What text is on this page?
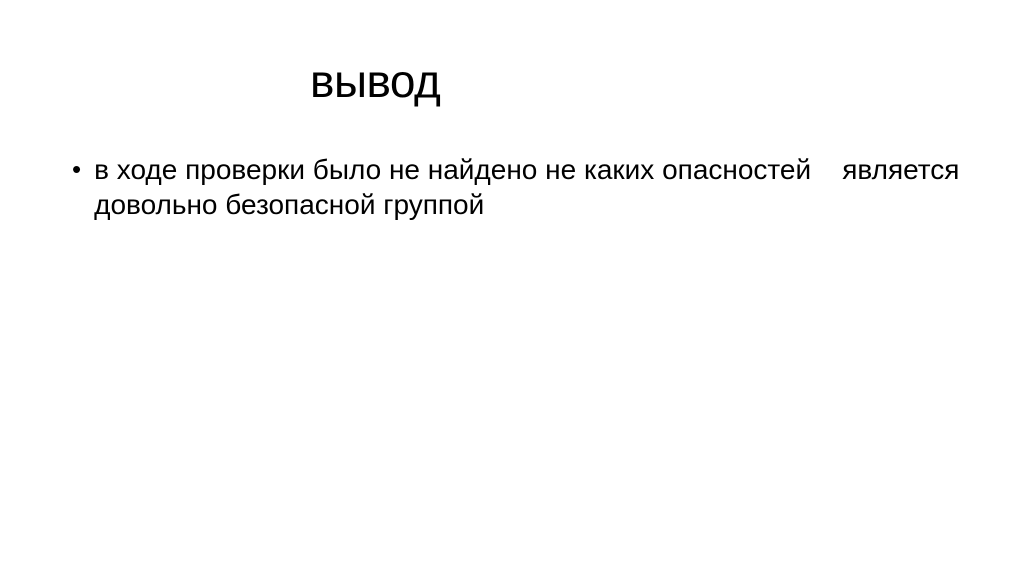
вывод
• в ходе проверки было не найдено не каких опасностей    является
довольно безопасной группой
